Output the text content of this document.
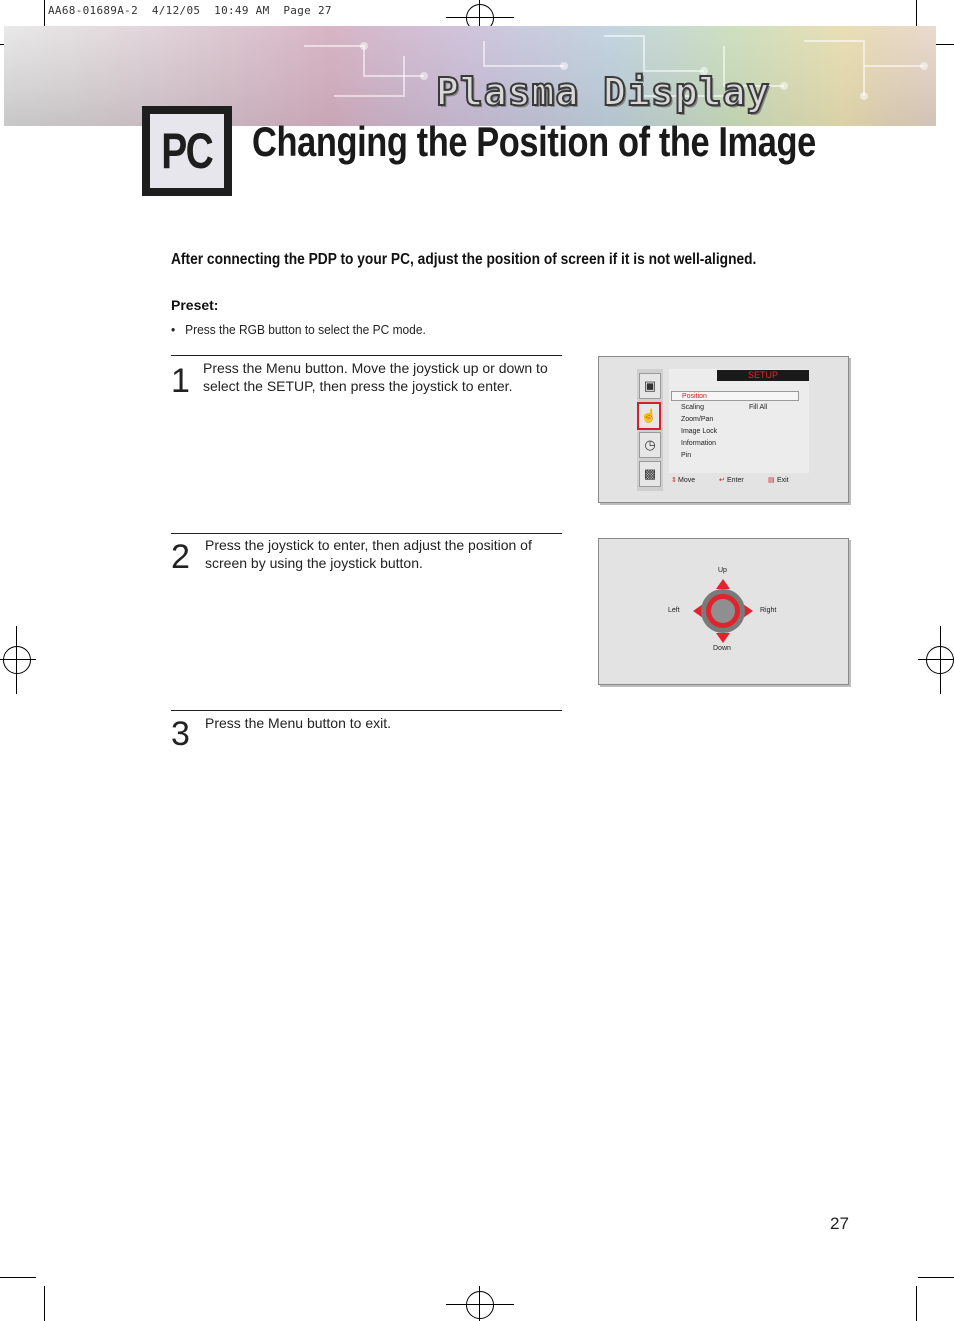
AA68-01689A-2  4/12/05  10:49 AM  Page 27
Plasma Display
PC Changing the Position of the Image
After connecting the PDP to your PC, adjust the position of screen if it is not well-aligned.
Preset:
•   Press the RGB button to select the PC mode.
1 Press the Menu button. Move the joystick up or down to select the SETUP, then press the joystick to enter.
2 Press the joystick to enter, then adjust the position of screen by using the joystick button.
3 Press the Menu button to exit.
▣
☝
◷
▩
SETUP
Position
Scaling	Fill All
Zoom/Pan
Image Lock
Information
Pin
⇕ Move	↵ Enter	▤ Exit
Up
Down
Left	Right
27
